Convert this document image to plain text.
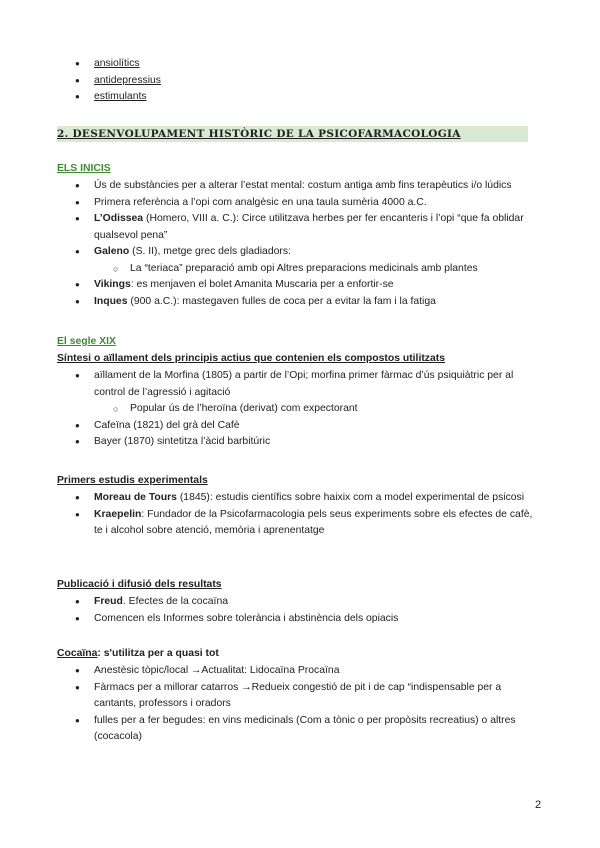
● ansiolítics
● antidepressius
● estimulants
2. DESENVOLUPAMENT HISTÒRIC DE LA PSICOFARMACOLOGIA
ELS INICIS
● Ús de substàncies per a alterar l’estat mental: costum antiga amb fins terapèutics i/o lúdics
● Primera referència a l’opi com analgèsic en una taula sumèria 4000 a.C.
● L’Odissea (Homero, VIII a. C.): Circe utilitzava herbes per fer encanteris i l’opi “que fa oblidar qualsevol pena”
● Galeno (S. II), metge grec dels gladiadors:
○ La “teriaca” preparació amb opi Altres preparacions medicinals amb plantes
● Vikings: es menjaven el bolet Amanita Muscaria per a enfortir-se
● Inques (900 a.C.): mastegaven fulles de coca per a evitar la fam i la fatiga
El segle XIX
Síntesi o aïllament dels principis actius que contenien els compostos utilitzats
● aïllament de la Morfina (1805) a partir de l’Opi; morfina primer fàrmac d’ús psiquiàtric per al control de l’agressió i agitació
○ Popular ús de l’heroïna (derivat) com expectorant
● Cafeïna (1821) del grà del Cafè
● Bayer (1870) sintetitza l’àcid barbitúric
Primers estudis experimentals
● Moreau de Tours (1845): estudis científics sobre haixix com a model experimental de psicosi
● Kraepelin: Fundador de la Psicofarmacologia pels seus experiments sobre els efectes de cafè, te i alcohol sobre atenció, memòria i aprenentatge
Publicació i difusió dels resultats
● Freud. Efectes de la cocaïna
● Comencen els Informes sobre tolerància i abstinència dels opiacis
Cocaïna: s'utilitza per a quasi tot
● Anestèsic tòpic/local →Actualitat: Lidocaïna Procaïna
● Fàrmacs per a millorar catarros →Redueix congestió de pit i de cap “indispensable per a cantants, professors i oradors
● fulles per a fer begudes: en vins medicinals (Com a tònic o per propòsits recreatius) o altres (cocacola)
2
